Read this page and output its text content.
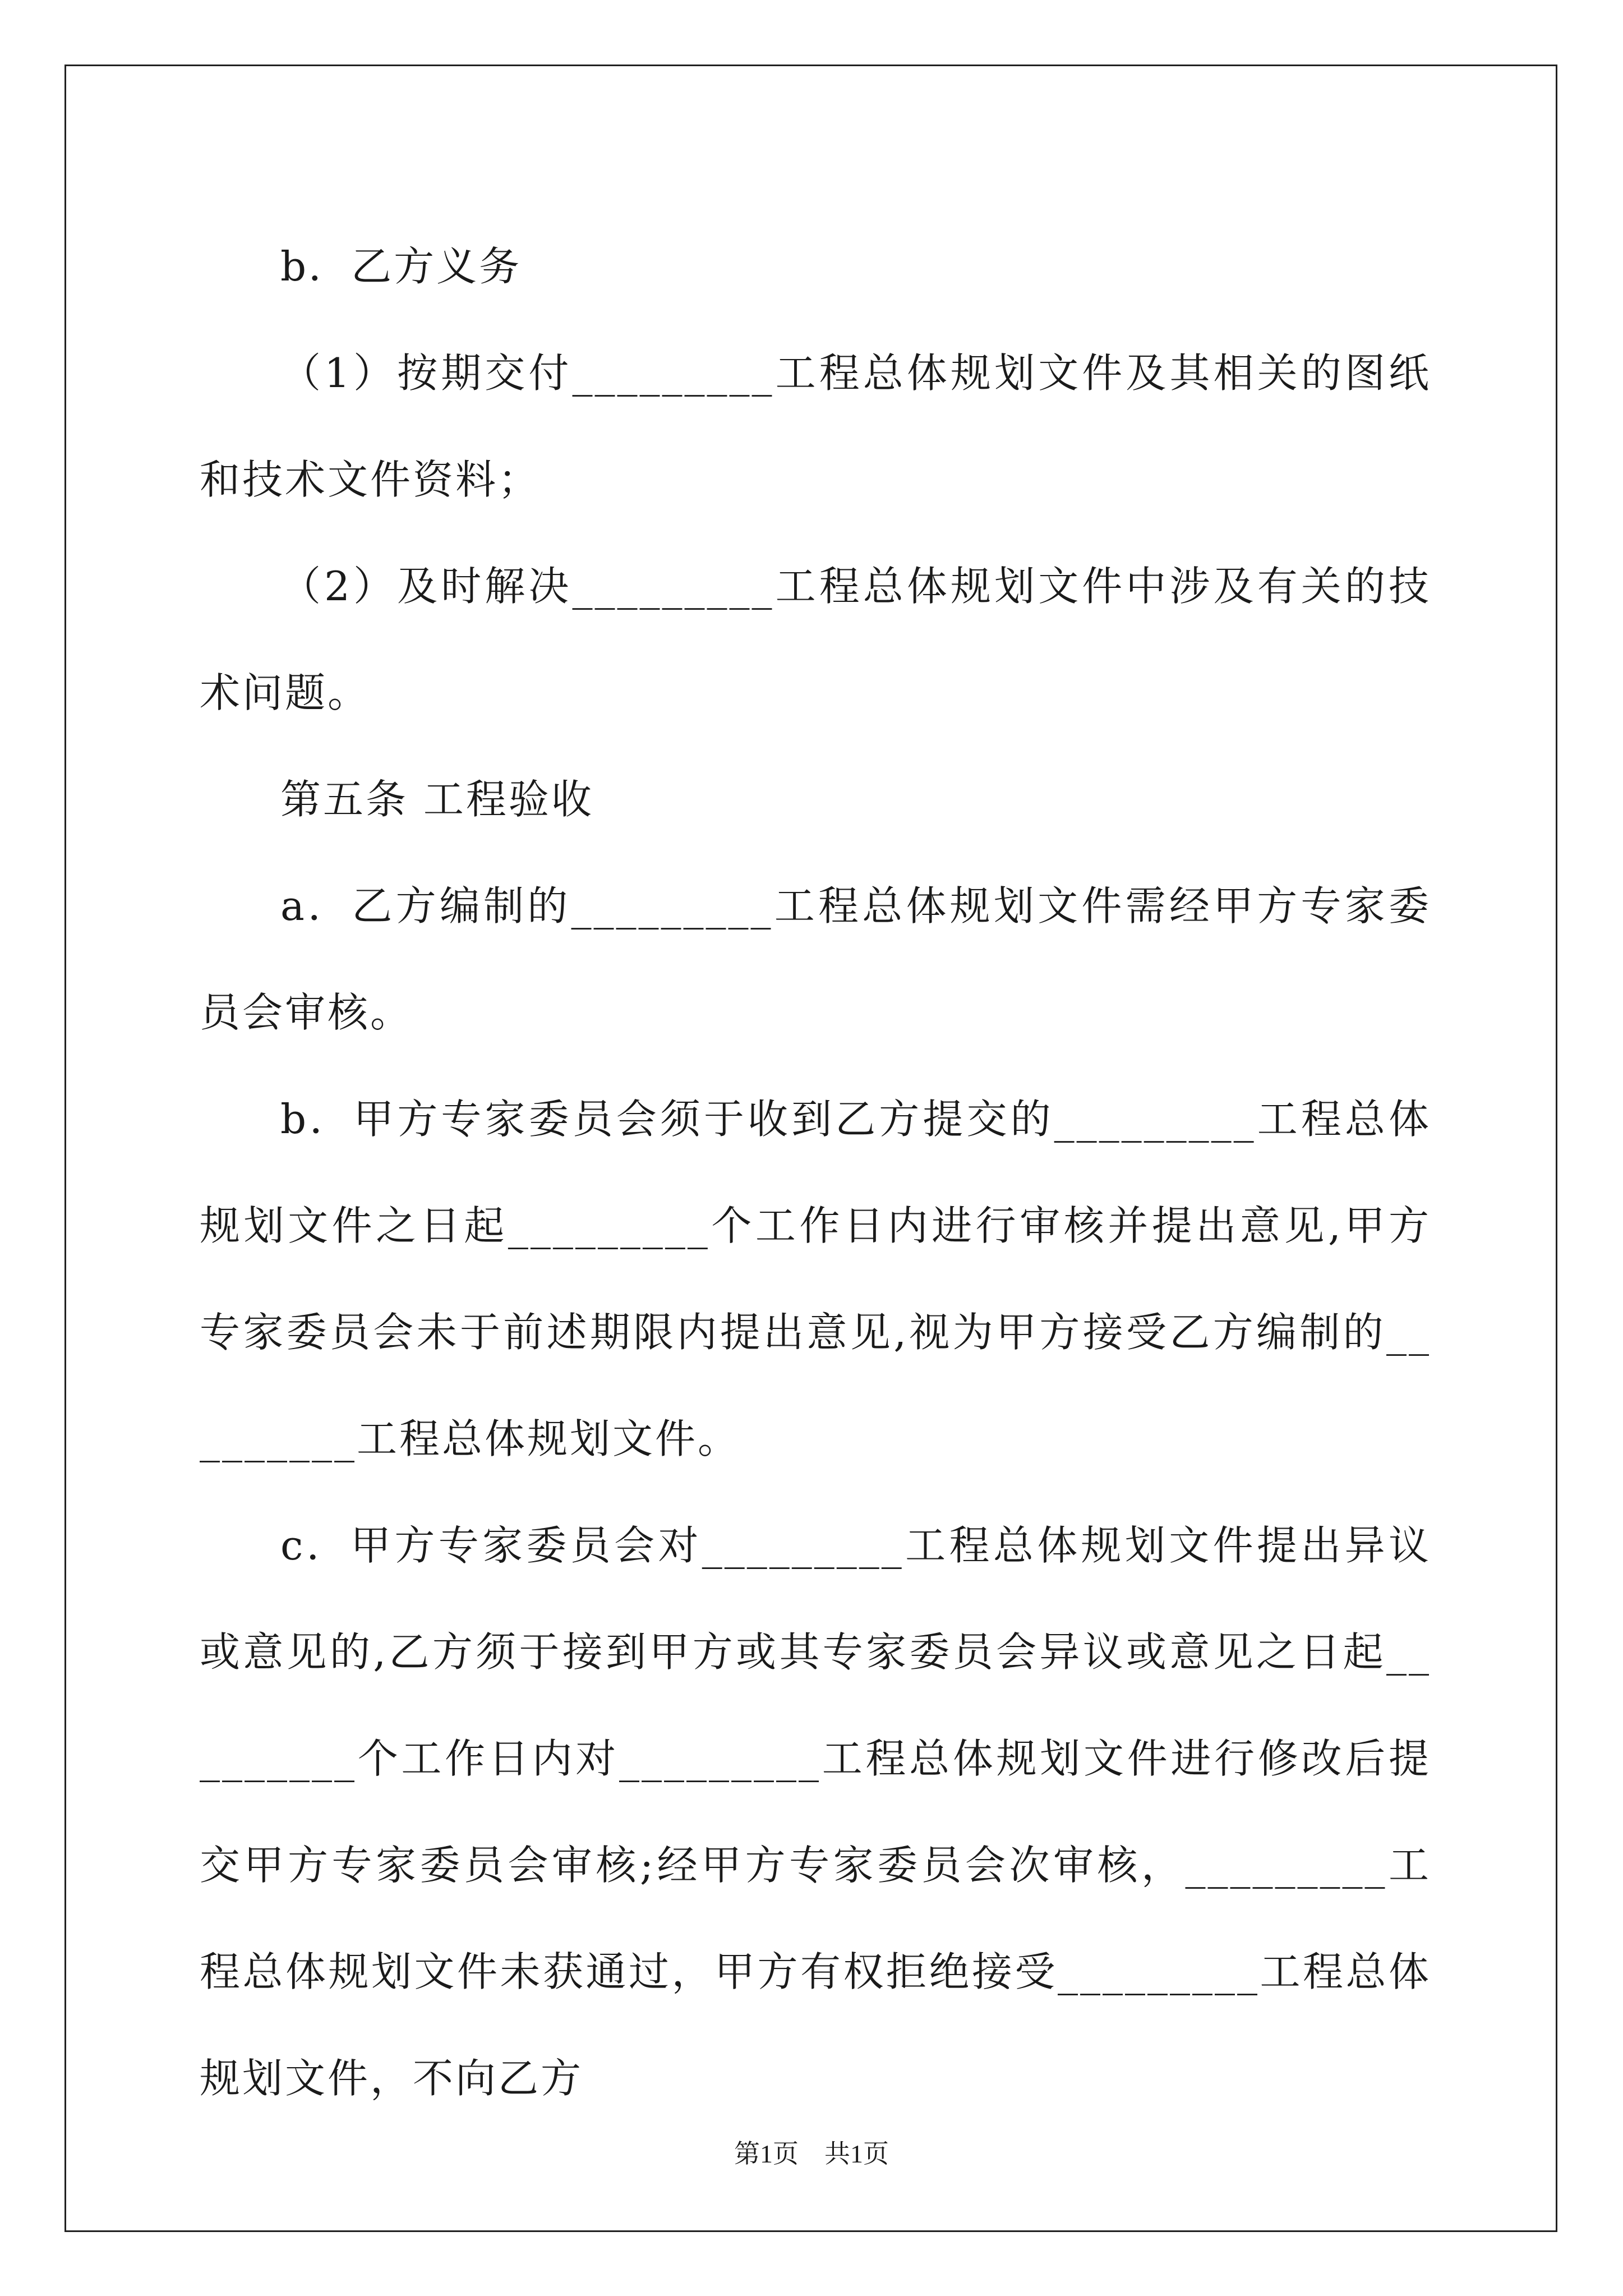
b．乙方义务

（1）按期交付_________工程总体规划文件及其相关的图纸和技术文件资料；

（2）及时解决_________工程总体规划文件中涉及有关的技术问题。

第五条 工程验收

a．乙方编制的_________工程总体规划文件需经甲方专家委员会审核。

b．甲方专家委员会须于收到乙方提交的_________工程总体规划文件之日起_________个工作日内进行审核并提出意见,甲方专家委员会未于前述期限内提出意见,视为甲方接受乙方编制的_________工程总体规划文件。

c．甲方专家委员会对_________工程总体规划文件提出异议或意见的,乙方须于接到甲方或其专家委员会异议或意见之日起_________个工作日内对_________工程总体规划文件进行修改后提交甲方专家委员会审核;经甲方专家委员会次审核，_________工程总体规划文件未获通过，甲方有权拒绝接受_________工程总体规划文件，不向乙方

第1页　共1页
